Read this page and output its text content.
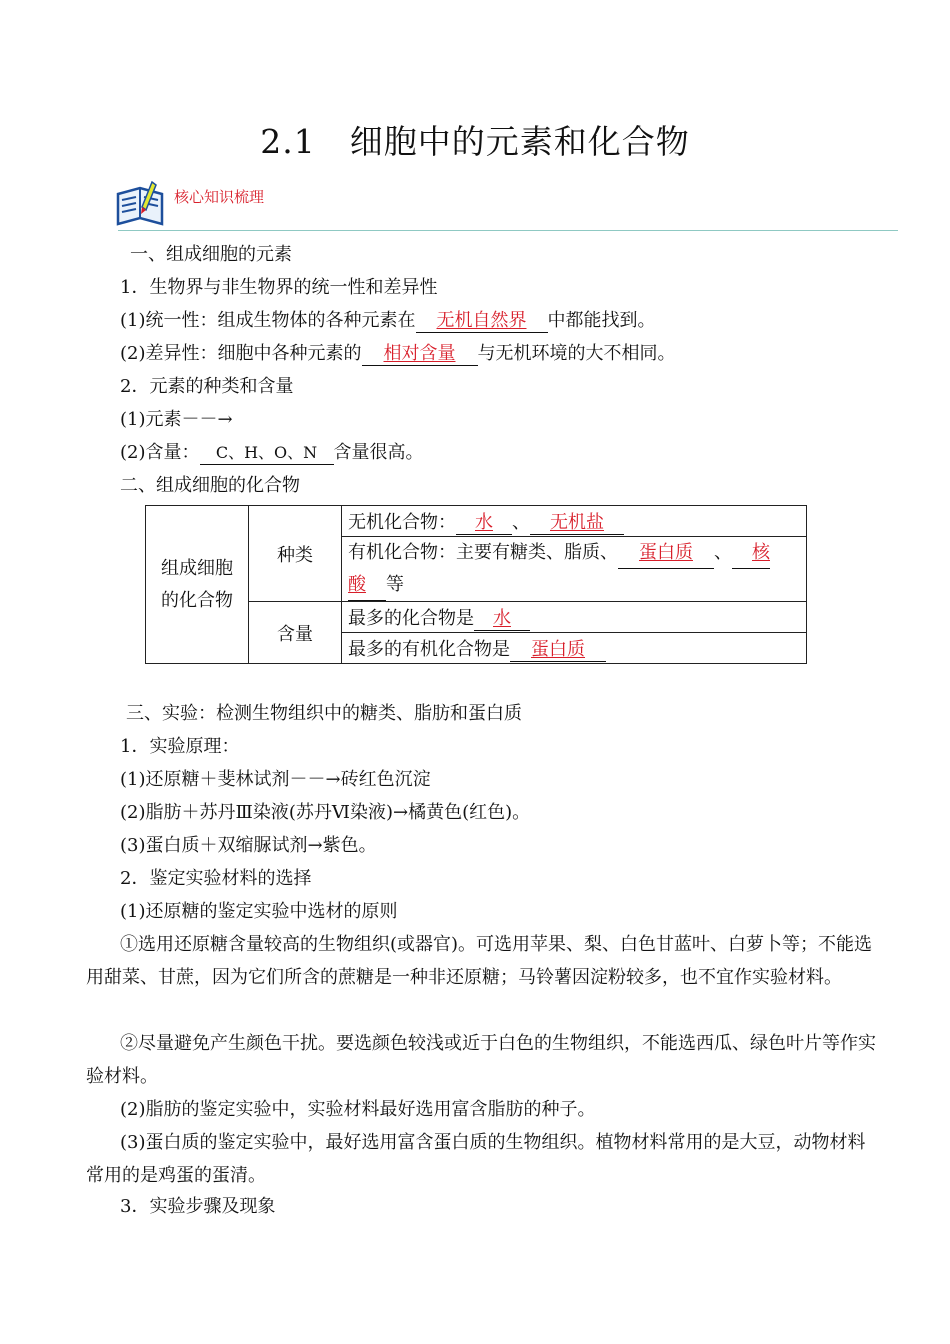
2.1　细胞中的元素和化合物
核心知识梳理
一、组成细胞的元素
1．生物界与非生物界的统一性和差异性
(1)统一性：组成生物体的各种元素在 无机自然界 中都能找到。
(2)差异性：细胞中各种元素的 相对含量 与无机环境的大不相同。
2．元素的种类和含量
(1)元素－－→
(2)含量： C、H、O、N 含量很高。
二、组成细胞的化合物
组成细胞的化合物	种类	无机化合物： 水 、 无机盐
		有机化合物：主要有糖类、脂质、 蛋白质 、 核
酸 等
	含量	最多的化合物是 水
		最多的有机化合物是 蛋白质
三、实验：检测生物组织中的糖类、脂肪和蛋白质
1．实验原理：
(1)还原糖＋斐林试剂－－→砖红色沉淀
(2)脂肪＋苏丹Ⅲ染液(苏丹Ⅵ染液)→橘黄色(红色)。
(3)蛋白质＋双缩脲试剂→紫色。
2．鉴定实验材料的选择
(1)还原糖的鉴定实验中选材的原则
①选用还原糖含量较高的生物组织(或器官)。可选用苹果、梨、白色甘蓝叶、白萝卜等；不能选用甜菜、甘蔗，因为它们所含的蔗糖是一种非还原糖；马铃薯因淀粉较多，也不宜作实验材料。
②尽量避免产生颜色干扰。要选颜色较浅或近于白色的生物组织，不能选西瓜、绿色叶片等作实验材料。
(2)脂肪的鉴定实验中，实验材料最好选用富含脂肪的种子。
(3)蛋白质的鉴定实验中，最好选用富含蛋白质的生物组织。植物材料常用的是大豆，动物材料常用的是鸡蛋的蛋清。
3．实验步骤及现象
